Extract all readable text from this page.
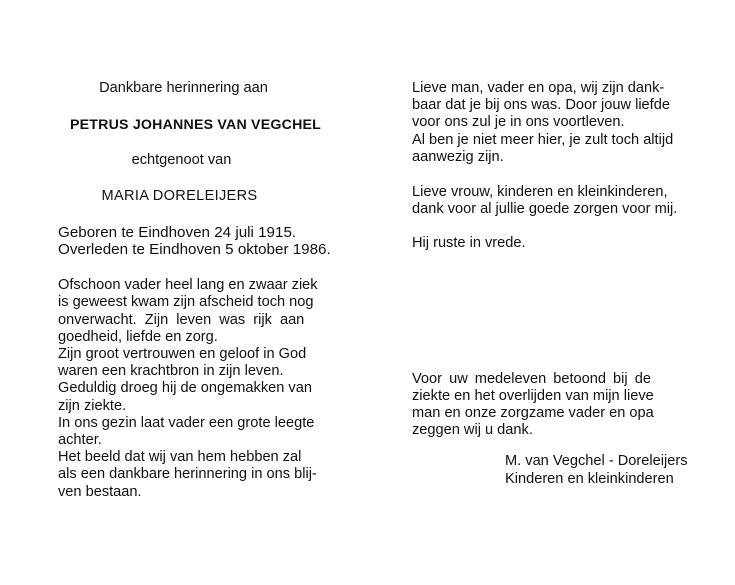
Dankbare herinnering aan
PETRUS JOHANNES VAN VEGCHEL
echtgenoot van
MARIA DORELEIJERS
Geboren te Eindhoven 24 juli 1915.
Overleden te Eindhoven 5 oktober 1986.
Ofschoon vader heel lang en zwaar ziek
is geweest kwam zijn afscheid toch nog
onverwacht. Zijn leven was rijk aan
goedheid, liefde en zorg.
Zijn groot vertrouwen en geloof in God
waren een krachtbron in zijn leven.
Geduldig droeg hij de ongemakken van
zijn ziekte.
In ons gezin laat vader een grote leegte
achter.
Het beeld dat wij van hem hebben zal
als een dankbare herinnering in ons blij-
ven bestaan.
Lieve man, vader en opa, wij zijn dank-
baar dat je bij ons was. Door jouw liefde
voor ons zul je in ons voortleven.
Al ben je niet meer hier, je zult toch altijd
aanwezig zijn.
Lieve vrouw, kinderen en kleinkinderen,
dank voor al jullie goede zorgen voor mij.
Hij ruste in vrede.
Voor uw medeleven betoond bij de
ziekte en het overlijden van mijn lieve
man en onze zorgzame vader en opa
zeggen wij u dank.
M. van Vegchel - Doreleijers
Kinderen en kleinkinderen
